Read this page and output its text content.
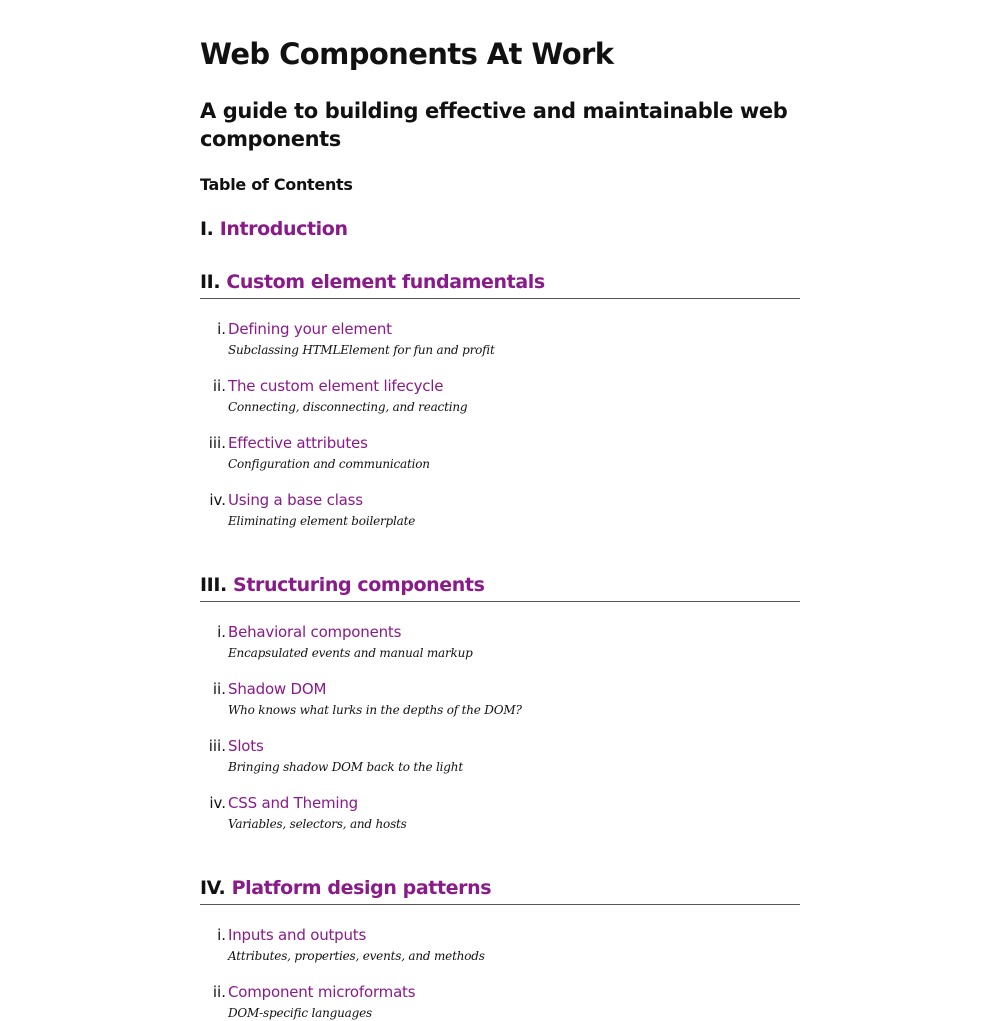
Web Components At Work
A guide to building effective and maintainable web components
Table of Contents
I. Introduction
II. Custom element fundamentals
i. Defining your element
Subclassing HTMLElement for fun and profit
ii. The custom element lifecycle
Connecting, disconnecting, and reacting
iii. Effective attributes
Configuration and communication
iv. Using a base class
Eliminating element boilerplate
III. Structuring components
i. Behavioral components
Encapsulated events and manual markup
ii. Shadow DOM
Who knows what lurks in the depths of the DOM?
iii. Slots
Bringing shadow DOM back to the light
iv. CSS and Theming
Variables, selectors, and hosts
IV. Platform design patterns
i. Inputs and outputs
Attributes, properties, events, and methods
ii. Component microformats
DOM-specific languages
